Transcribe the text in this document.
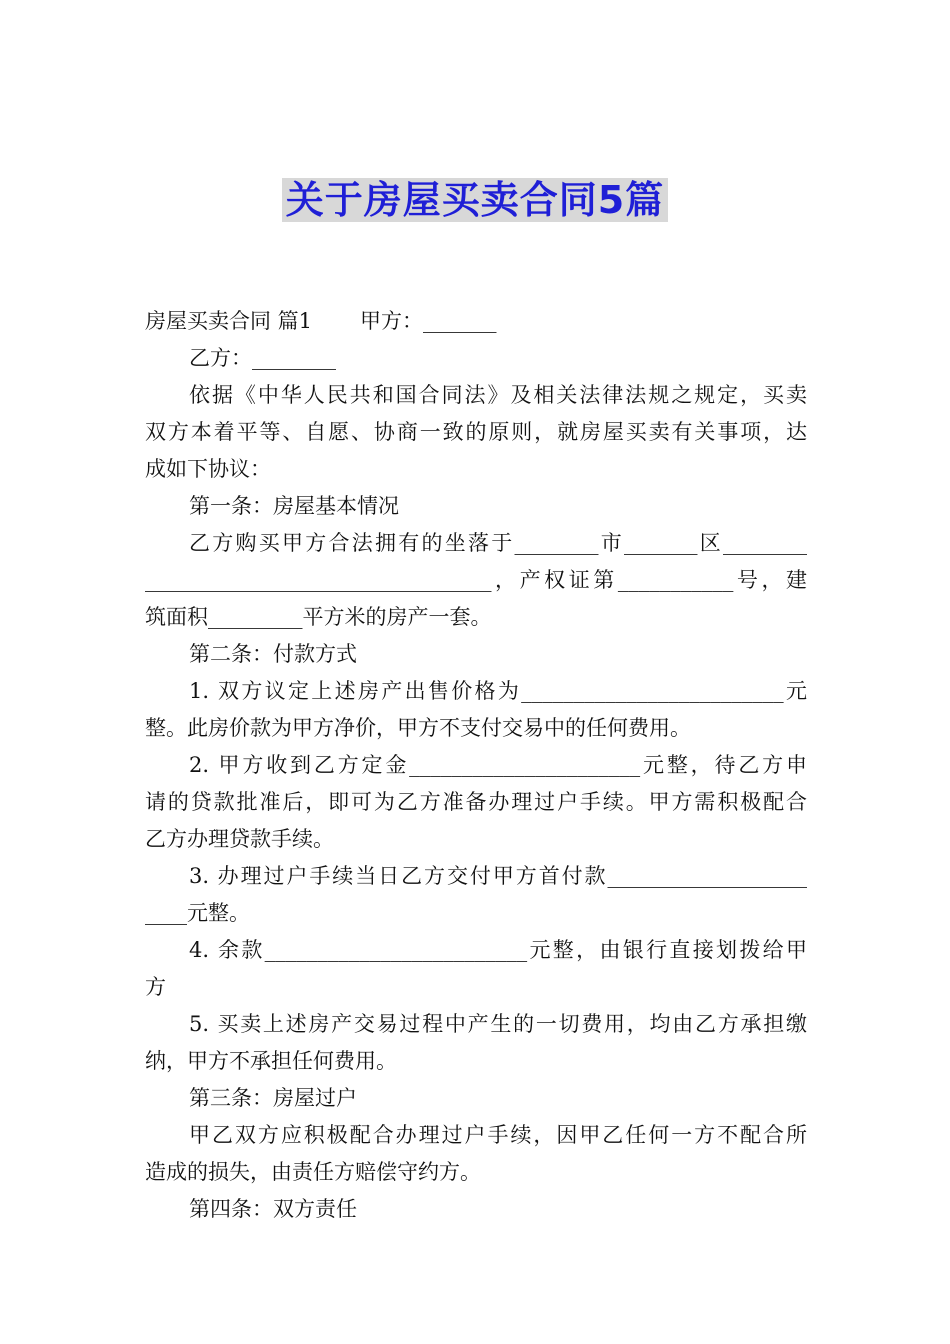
关于房屋买卖合同5篇
房屋买卖合同 篇1 甲方：_______
乙方：________
依据《中华人民共和国合同法》及相关法律法规之规定，买卖
双方本着平等、自愿、协商一致的原则，就房屋买卖有关事项，达
成如下协议：
第一条：房屋基本情况
乙方购买甲方合法拥有的坐落于________市_______区________
_________________________________，产权证第___________号，建
筑面积_________平方米的房产一套。
第二条：付款方式
1. 双方议定上述房产出售价格为_________________________元
整。此房价款为甲方净价，甲方不支付交易中的任何费用。
2. 甲方收到乙方定金______________________元整，待乙方申
请的贷款批准后，即可为乙方准备办理过户手续。甲方需积极配合
乙方办理贷款手续。
3. 办理过户手续当日乙方交付甲方首付款___________________
____元整。
4. 余款_________________________元整，由银行直接划拨给甲
方
5. 买卖上述房产交易过程中产生的一切费用，均由乙方承担缴
纳，甲方不承担任何费用。
第三条：房屋过户
甲乙双方应积极配合办理过户手续，因甲乙任何一方不配合所
造成的损失，由责任方赔偿守约方。
第四条：双方责任
